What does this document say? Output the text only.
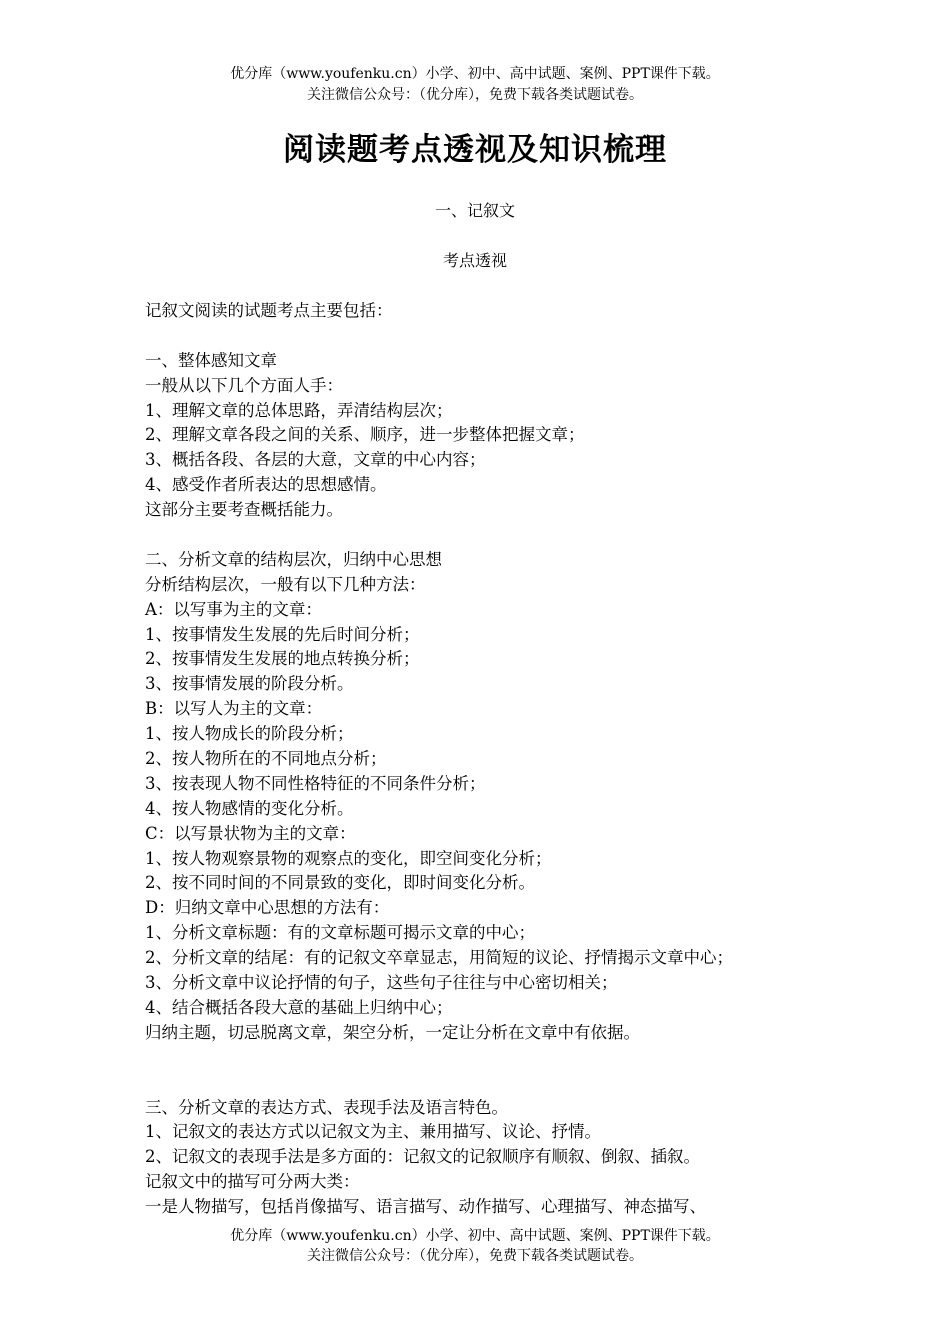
优分库（www.youfenku.cn）小学、初中、高中试题、案例、PPT课件下载。
关注微信公众号：（优分库），免费下载各类试题试卷。
阅读题考点透视及知识梳理
一、记叙文
考点透视
记叙文阅读的试题考点主要包括：
一、整体感知文章
一般从以下几个方面人手：
1、理解文章的总体思路，弄清结构层次；
2、理解文章各段之间的关系、顺序，进一步整体把握文章；
3、概括各段、各层的大意，文章的中心内容；
4、感受作者所表达的思想感情。
这部分主要考查概括能力。
二、分析文章的结构层次，归纳中心思想
分析结构层次，一般有以下几种方法：
A：以写事为主的文章：
1、按事情发生发展的先后时间分析；
2、按事情发生发展的地点转换分析；
3、按事情发展的阶段分析。
B：以写人为主的文章：
1、按人物成长的阶段分析；
2、按人物所在的不同地点分析；
3、按表现人物不同性格特征的不同条件分析；
4、按人物感情的变化分析。
C：以写景状物为主的文章：
1、按人物观察景物的观察点的变化，即空间变化分析；
2、按不同时间的不同景致的变化，即时间变化分析。
D：归纳文章中心思想的方法有：
1、分析文章标题：有的文章标题可揭示文章的中心；
2、分析文章的结尾：有的记叙文卒章显志，用简短的议论、抒情揭示文章中心；
3、分析文章中议论抒情的句子，这些句子往往与中心密切相关；
4、结合概括各段大意的基础上归纳中心；
归纳主题，切忌脱离文章，架空分析，一定让分析在文章中有依据。
三、分析文章的表达方式、表现手法及语言特色。
1、记叙文的表达方式以记叙文为主、兼用描写、议论、抒情。
2、记叙文的表现手法是多方面的：记叙文的记叙顺序有顺叙、倒叙、插叙。
记叙文中的描写可分两大类：
一是人物描写，包括肖像描写、语言描写、动作描写、心理描写、神态描写、
优分库（www.youfenku.cn）小学、初中、高中试题、案例、PPT课件下载。
关注微信公众号：（优分库），免费下载各类试题试卷。
